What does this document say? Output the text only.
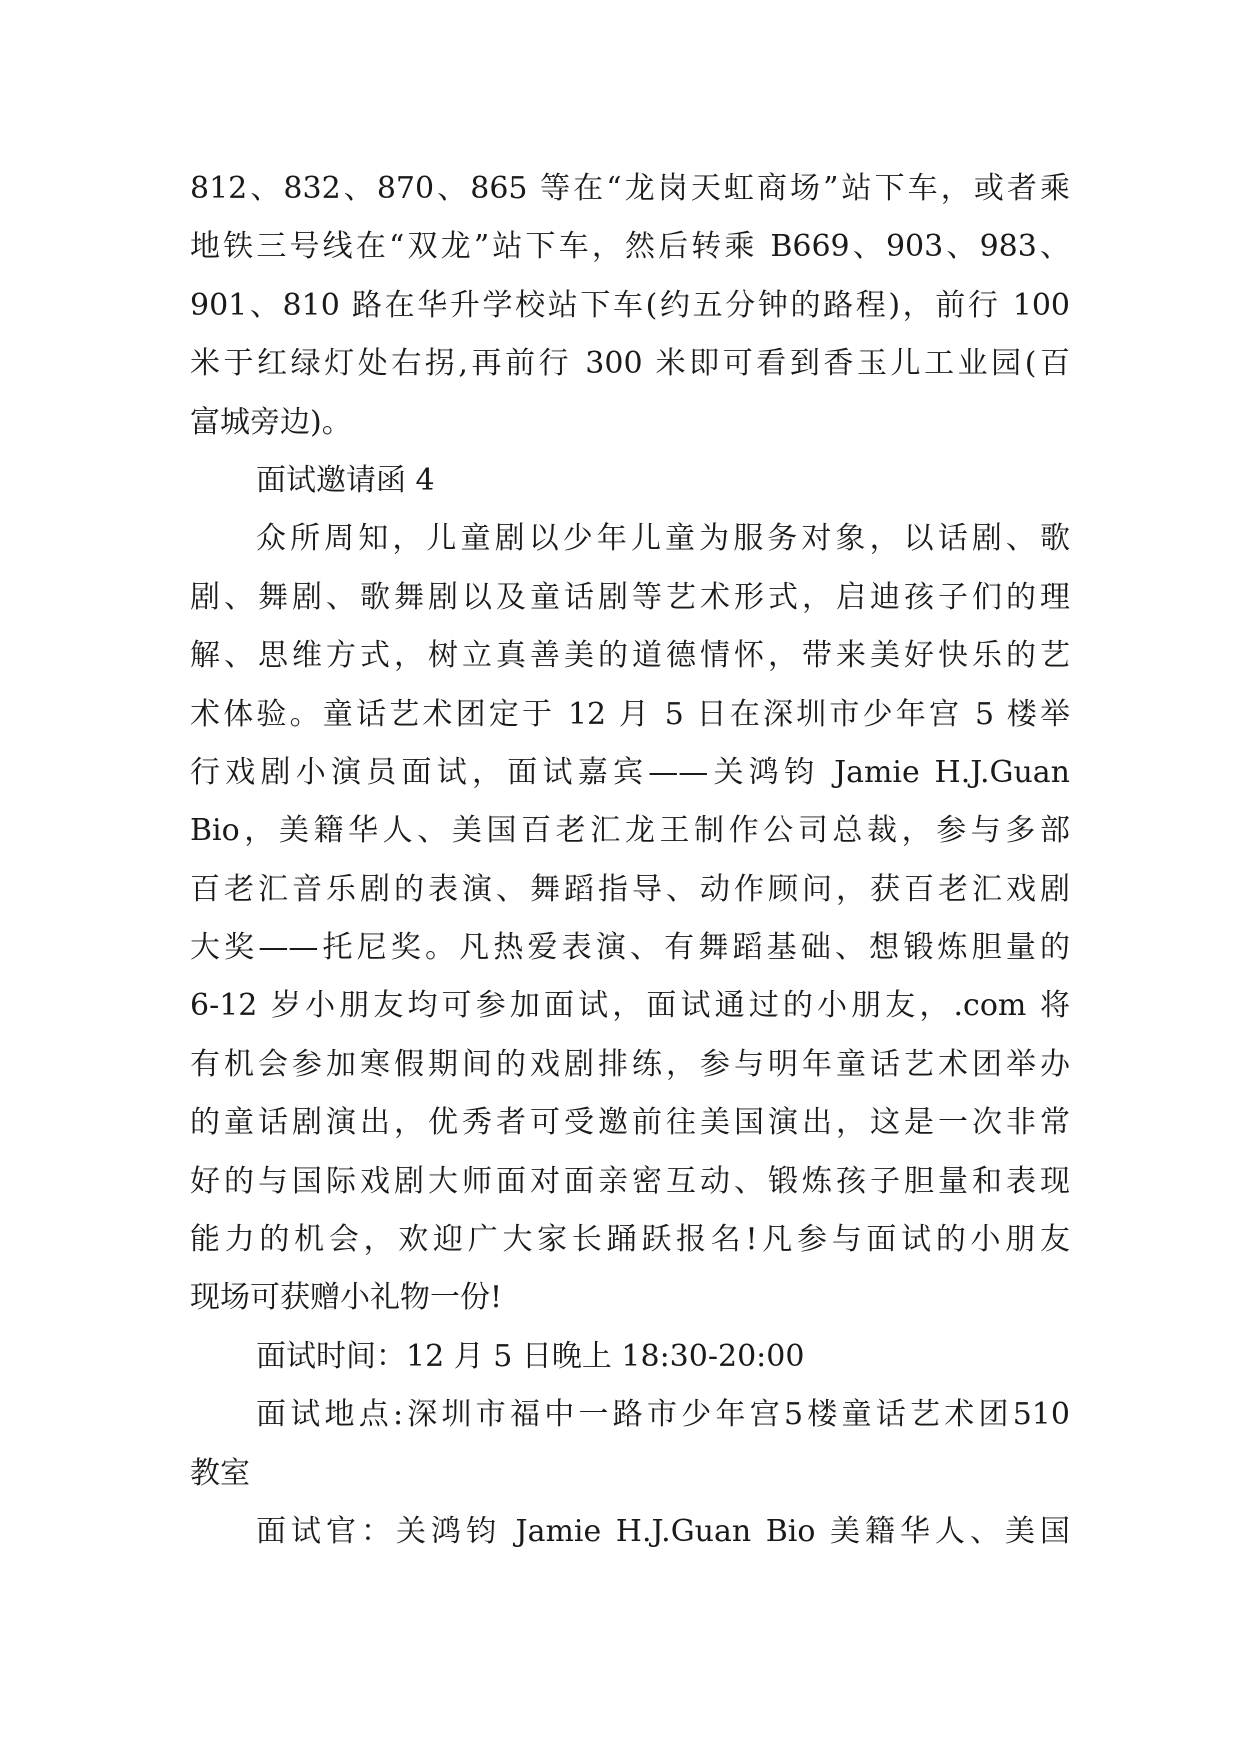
812、832、870、865 等在“龙岗天虹商场”站下车，或者乘
地铁三号线在“双龙”站下车，然后转乘 B669、903、983、
901、810 路在华升学校站下车(约五分钟的路程)，前行 100
米于红绿灯处右拐,再前行 300 米即可看到香玉儿工业园(百
富城旁边)。
面试邀请函 4
众所周知，儿童剧以少年儿童为服务对象，以话剧、歌
剧、舞剧、歌舞剧以及童话剧等艺术形式，启迪孩子们的理
解、思维方式，树立真善美的道德情怀，带来美好快乐的艺
术体验。童话艺术团定于 12 月 5 日在深圳市少年宫 5 楼举
行戏剧小演员面试，面试嘉宾——关鸿钧 Jamie H.J.Guan
Bio，美籍华人、美国百老汇龙王制作公司总裁，参与多部
百老汇音乐剧的表演、舞蹈指导、动作顾问，获百老汇戏剧
大奖——托尼奖。凡热爱表演、有舞蹈基础、想锻炼胆量的
6-12 岁小朋友均可参加面试，面试通过的小朋友，.com 将
有机会参加寒假期间的戏剧排练，参与明年童话艺术团举办
的童话剧演出，优秀者可受邀前往美国演出，这是一次非常
好的与国际戏剧大师面对面亲密互动、锻炼孩子胆量和表现
能力的机会，欢迎广大家长踊跃报名!凡参与面试的小朋友
现场可获赠小礼物一份!
面试时间：12 月 5 日晚上 18:30-20:00
面试地点:深圳市福中一路市少年宫5楼童话艺术团510
教室
面试官：关鸿钧 Jamie H.J.Guan Bio 美籍华人、美国
